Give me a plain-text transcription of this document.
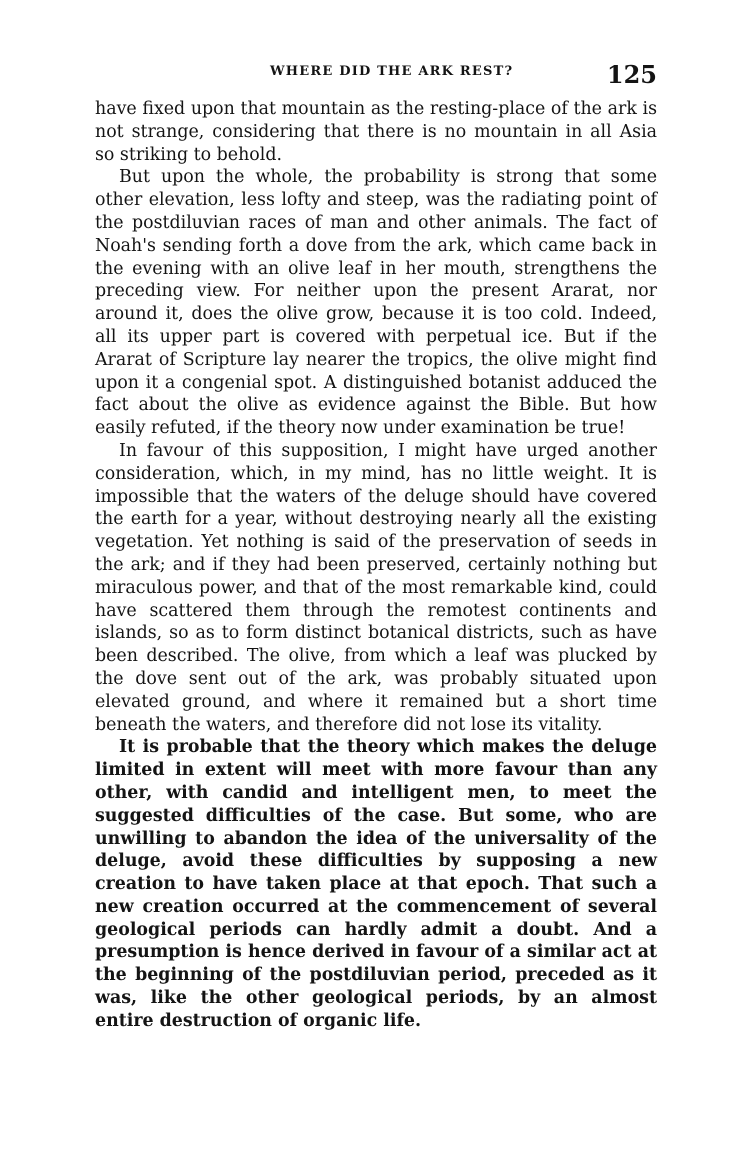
WHERE DID THE ARK REST?	125

have fixed upon that mountain as the resting-place of the ark is not strange, considering that there is no mountain in all Asia so striking to behold.

But upon the whole, the probability is strong that some other elevation, less lofty and steep, was the radiating point of the postdiluvian races of man and other animals. The fact of Noah's sending forth a dove from the ark, which came back in the evening with an olive leaf in her mouth, strengthens the preceding view. For neither upon the present Ararat, nor around it, does the olive grow, because it is too cold. Indeed, all its upper part is covered with perpetual ice. But if the Ararat of Scripture lay nearer the tropics, the olive might find upon it a congenial spot. A distinguished botanist adduced the fact about the olive as evidence against the Bible. But how easily refuted, if the theory now under examination be true!

In favour of this supposition, I might have urged another consideration, which, in my mind, has no little weight. It is impossible that the waters of the deluge should have covered the earth for a year, without destroying nearly all the existing vegetation. Yet nothing is said of the preservation of seeds in the ark; and if they had been preserved, certainly nothing but miraculous power, and that of the most remarkable kind, could have scattered them through the remotest continents and islands, so as to form distinct botanical districts, such as have been described. The olive, from which a leaf was plucked by the dove sent out of the ark, was probably situated upon elevated ground, and where it remained but a short time beneath the waters, and therefore did not lose its vitality.

It is probable that the theory which makes the deluge limited in extent will meet with more favour than any other, with candid and intelligent men, to meet the suggested difficulties of the case. But some, who are unwilling to abandon the idea of the universality of the deluge, avoid these difficulties by supposing a new creation to have taken place at that epoch. That such a new creation occurred at the commencement of several geological periods can hardly admit a doubt. And a presumption is hence derived in favour of a similar act at the beginning of the postdiluvian period, preceded as it was, like the other geological periods, by an almost entire destruction of organic life.
